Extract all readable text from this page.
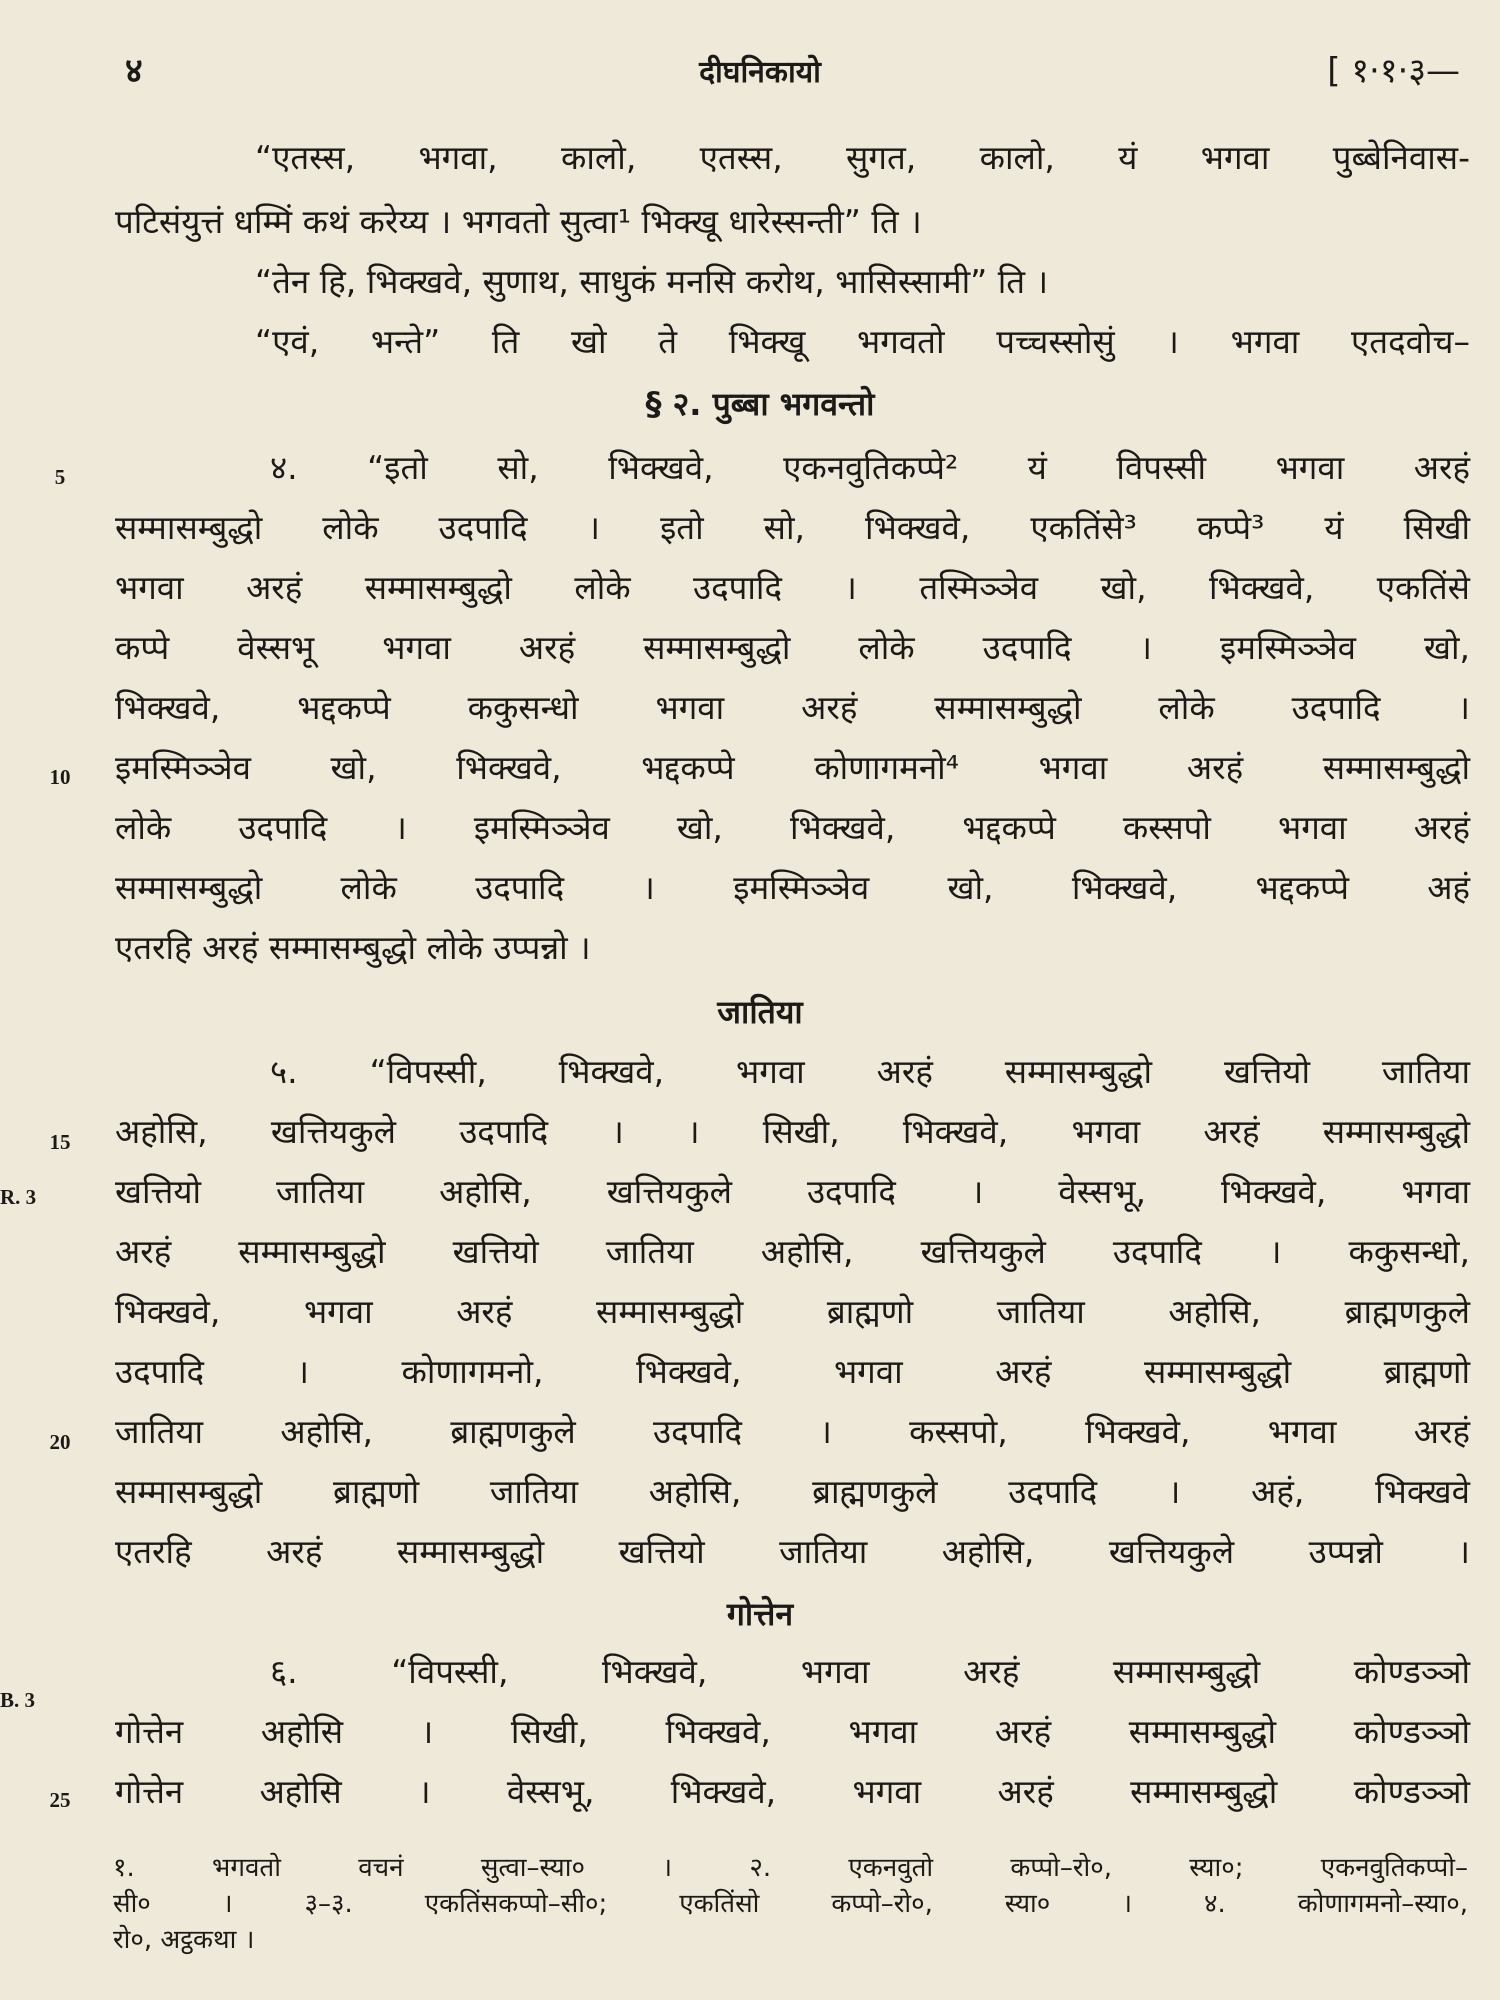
४	दीघनिकायो	[ १·१·३—
“एतस्स, भगवा, कालो, एतस्स, सुगत, कालो, यं भगवा पुब्बेनिवास-
पटिसंयुत्तं धम्मिं कथं करेय्य । भगवतो सुत्वा¹ भिक्खू धारेस्सन्ती” ति ।
“तेन हि, भिक्खवे, सुणाथ, साधुकं मनसि करोथ, भासिस्सामी” ति ।
“एवं, भन्ते” ति खो ते भिक्खू भगवतो पच्चस्सोसुं । भगवा एतदवोच–
§ २. पुब्बा भगवन्तो
5	४. “इतो सो, भिक्खवे, एकनवुतिकप्पे² यं विपस्सी भगवा अरहं
सम्मासम्बुद्धो लोके उदपादि । इतो सो, भिक्खवे, एकतिंसे³ कप्पे³ यं सिखी
भगवा अरहं सम्मासम्बुद्धो लोके उदपादि । तस्मिञ्ञेव खो, भिक्खवे, एकतिंसे
कप्पे वेस्सभू भगवा अरहं सम्मासम्बुद्धो लोके उदपादि । इमस्मिञ्ञेव खो,
भिक्खवे, भद्दकप्पे ककुसन्धो भगवा अरहं सम्मासम्बुद्धो लोके उदपादि ।
10 इमस्मिञ्ञेव खो, भिक्खवे, भद्दकप्पे कोणागमनो⁴ भगवा अरहं सम्मासम्बुद्धो
लोके उदपादि । इमस्मिञ्ञेव खो, भिक्खवे, भद्दकप्पे कस्सपो भगवा अरहं
सम्मासम्बुद्धो लोके उदपादि । इमस्मिञ्ञेव खो, भिक्खवे, भद्दकप्पे अहं
एतरहि अरहं सम्मासम्बुद्धो लोके उप्पन्नो ।
जातिया
५. “विपस्सी, भिक्खवे, भगवा अरहं सम्मासम्बुद्धो खत्तियो जातिया
15 अहोसि, खत्तियकुले उदपादि । । सिखी, भिक्खवे, भगवा अरहं सम्मासम्बुद्धो
R. 3 खत्तियो जातिया अहोसि, खत्तियकुले उदपादि । वेस्सभू, भिक्खवे, भगवा
अरहं सम्मासम्बुद्धो खत्तियो जातिया अहोसि, खत्तियकुले उदपादि । ककुसन्धो,
भिक्खवे, भगवा अरहं सम्मासम्बुद्धो ब्राह्मणो जातिया अहोसि, ब्राह्मणकुले
उदपादि । कोणागमनो, भिक्खवे, भगवा अरहं सम्मासम्बुद्धो ब्राह्मणो
20 जातिया अहोसि, ब्राह्मणकुले उदपादि । कस्सपो, भिक्खवे, भगवा अरहं
सम्मासम्बुद्धो ब्राह्मणो जातिया अहोसि, ब्राह्मणकुले उदपादि । अहं, भिक्खवे
एतरहि अरहं सम्मासम्बुद्धो खत्तियो जातिया अहोसि, खत्तियकुले उप्पन्नो ।
गोत्तेन
६. “विपस्सी, भिक्खवे, भगवा अरहं सम्मासम्बुद्धो कोण्डञ्ञो
B. 3
गोत्तेन अहोसि । सिखी, भिक्खवे, भगवा अरहं सम्मासम्बुद्धो कोण्डञ्ञो
25 गोत्तेन अहोसि । वेस्सभू, भिक्खवे, भगवा अरहं सम्मासम्बुद्धो कोण्डञ्ञो
१. भगवतो वचनं सुत्वा–स्या० । २. एकनवुतो कप्पो–रो०, स्या०; एकनवुतिकप्पो–
सी० । ३–३. एकतिंसकप्पो–सी०; एकतिंसो कप्पो–रो०, स्या० । ४. कोणागमनो–स्या०,
रो०, अट्ठकथा ।
